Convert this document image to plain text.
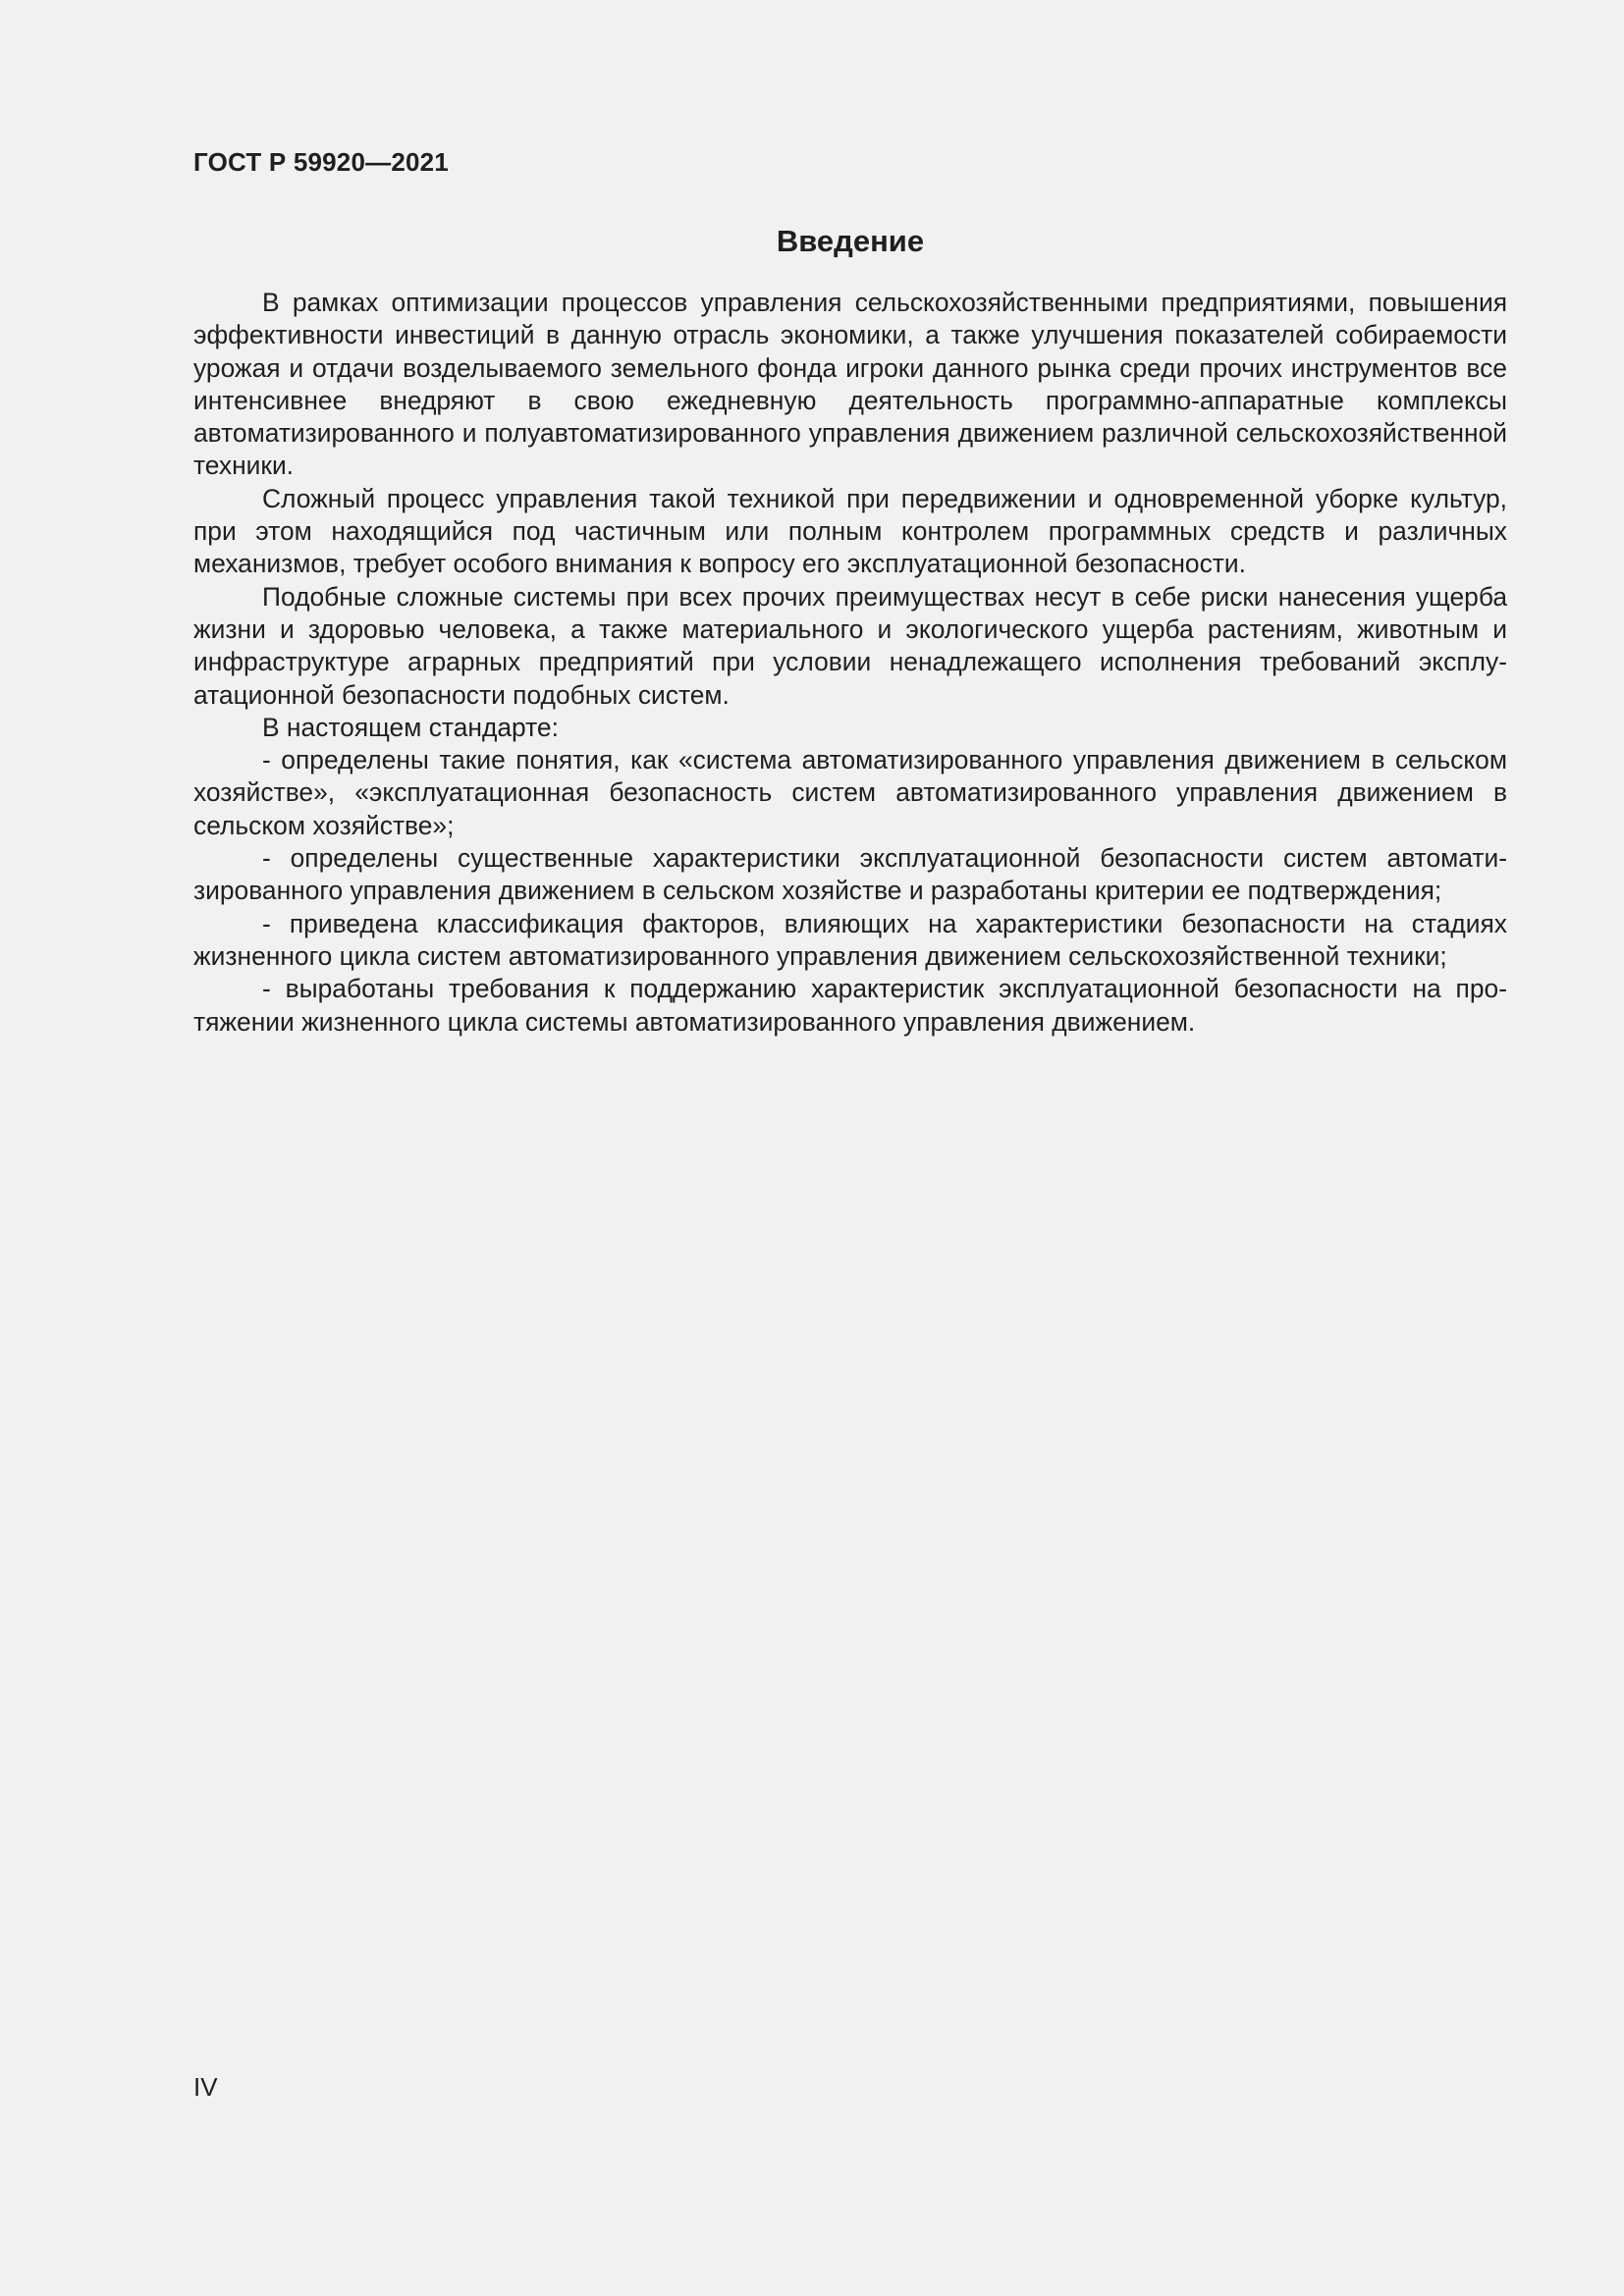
ГОСТ Р 59920—2021
Введение

В рамках оптимизации процессов управления сельскохозяйственными предприятиями, повышения эффективности инвестиций в данную отрасль экономики, а также улучшения показателей собираемости урожая и отдачи возделываемого земельного фонда игроки данного рынка среди прочих инструментов все интенсивнее внедряют в свою ежедневную деятельность программно-аппаратные комплексы автоматизированного и полуавтоматизированного управления движением различной сельскохозяйственной техники.

Сложный процесс управления такой техникой при передвижении и одновременной уборке культур, при этом находящийся под частичным или полным контролем программных средств и различных механизмов, требует особого внимания к вопросу его эксплуатационной безопасности.

Подобные сложные системы при всех прочих преимуществах несут в себе риски нанесения ущерба жизни и здоровью человека, а также материального и экологического ущерба растениям, животным и инфраструктуре аграрных предприятий при условии ненадлежащего исполнения требований эксплуатационной безопасности подобных систем.

В настоящем стандарте:

- определены такие понятия, как «система автоматизированного управления движением в сельском хозяйстве», «эксплуатационная безопасность систем автоматизированного управления движением в сельском хозяйстве»;

- определены существенные характеристики эксплуатационной безопасности систем автоматизированного управления движением в сельском хозяйстве и разработаны критерии ее подтверждения;

- приведена классификация факторов, влияющих на характеристики безопасности на стадиях жизненного цикла систем автоматизированного управления движением сельскохозяйственной техники;

- выработаны требования к поддержанию характеристик эксплуатационной безопасности на протяжении жизненного цикла системы автоматизированного управления движением.

IV
